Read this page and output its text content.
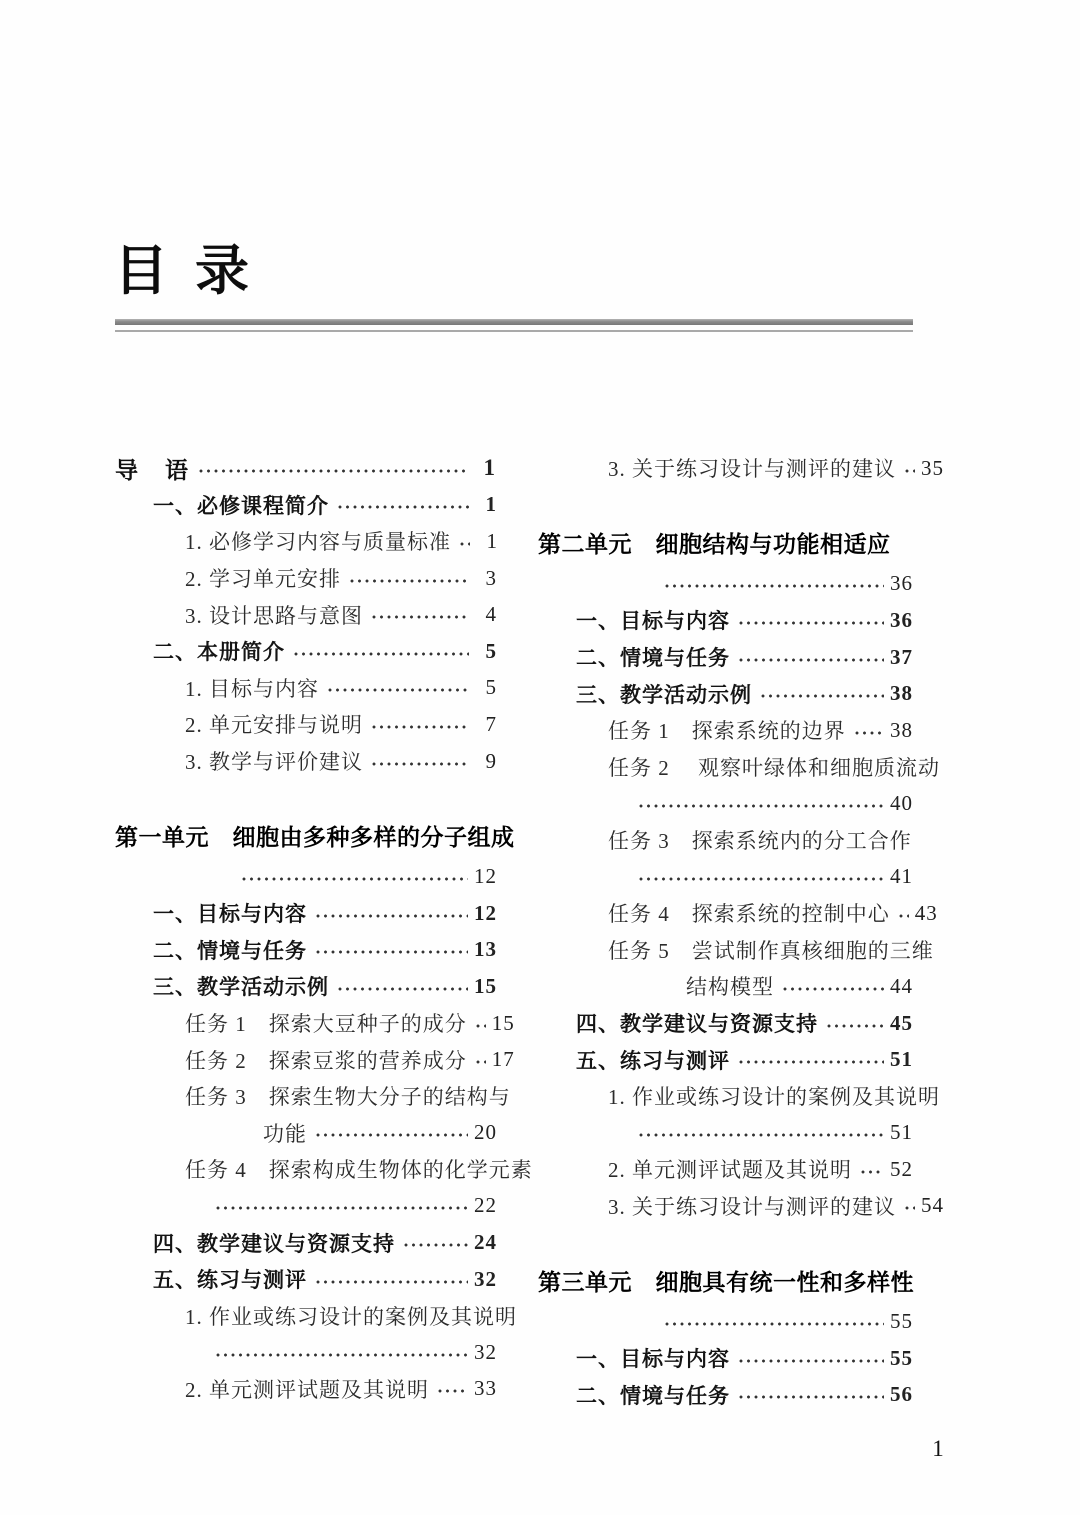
目 录
导　语	1
一、必修课程简介	1
1. 必修学习内容与质量标准	1
2. 学习单元安排	3
3. 设计思路与意图	4
二、本册简介	5
1. 目标与内容	5
2. 单元安排与说明	7
3. 教学与评价建议	9
第一单元　细胞由多种多样的分子组成
12
一、目标与内容	12
二、情境与任务	13
三、教学活动示例	15
任务 1　探索大豆种子的成分 15
任务 2　探索豆浆的营养成分 17
任务 3　探索生物大分子的结构与
功能	20
任务 4　探索构成生物体的化学元素
22
四、教学建议与资源支持	24
五、练习与测评	32
1. 作业或练习设计的案例及其说明
32
2. 单元测评试题及其说明 33
3. 关于练习设计与测评的建议 35
第二单元　细胞结构与功能相适应
36
一、目标与内容	36
二、情境与任务	37
三、教学活动示例	38
任务 1　探索系统的边界 38
任务 2　 观察叶绿体和细胞质流动
40
任务 3　探索系统内的分工合作
41
任务 4　探索系统的控制中心 43
任务 5　尝试制作真核细胞的三维
结构模型	44
四、教学建议与资源支持	45
五、练习与测评	51
1. 作业或练习设计的案例及其说明
51
2. 单元测评试题及其说明 52
3. 关于练习设计与测评的建议 54
第三单元　细胞具有统一性和多样性
55
一、目标与内容	55
二、情境与任务	56
1
